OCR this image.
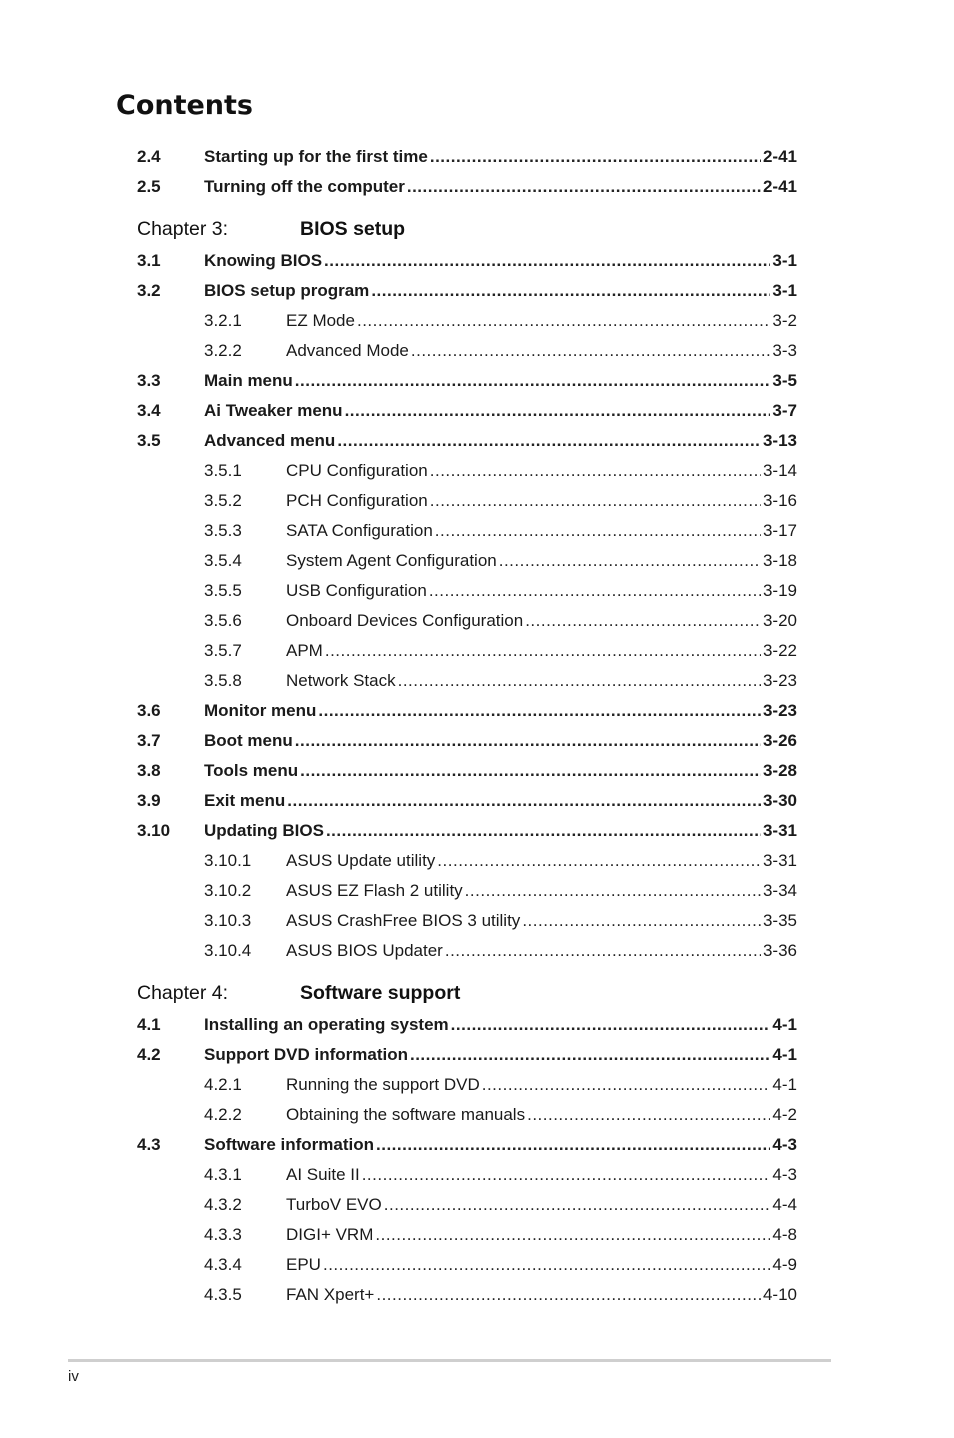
Contents
2.4	Starting up for the first time .....	2-41
2.5	Turning off the computer .....	2-41
Chapter 3:	BIOS setup
3.1	Knowing BIOS .....	3-1
3.2	BIOS setup program .....	3-1
3.2.1	EZ Mode .....	3-2
3.2.2	Advanced Mode .....	3-3
3.3	Main menu .....	3-5
3.4	Ai Tweaker menu .....	3-7
3.5	Advanced menu .....	3-13
3.5.1	CPU Configuration .....	3-14
3.5.2	PCH Configuration .....	3-16
3.5.3	SATA Configuration .....	3-17
3.5.4	System Agent Configuration .....	3-18
3.5.5	USB Configuration .....	3-19
3.5.6	Onboard Devices Configuration .....	3-20
3.5.7	APM .....	3-22
3.5.8	Network Stack .....	3-23
3.6	Monitor menu .....	3-23
3.7	Boot menu .....	3-26
3.8	Tools menu .....	3-28
3.9	Exit menu .....	3-30
3.10	Updating BIOS .....	3-31
3.10.1	ASUS Update utility .....	3-31
3.10.2	ASUS EZ Flash 2 utility .....	3-34
3.10.3	ASUS CrashFree BIOS 3 utility .....	3-35
3.10.4	ASUS BIOS Updater .....	3-36
Chapter 4:	Software support
4.1	Installing an operating system .....	4-1
4.2	Support DVD information .....	4-1
4.2.1	Running the support DVD .....	4-1
4.2.2	Obtaining the software manuals .....	4-2
4.3	Software information .....	4-3
4.3.1	AI Suite II .....	4-3
4.3.2	TurboV EVO .....	4-4
4.3.3	DIGI+ VRM .....	4-8
4.3.4	EPU .....	4-9
4.3.5	FAN Xpert+ .....	4-10
iv
